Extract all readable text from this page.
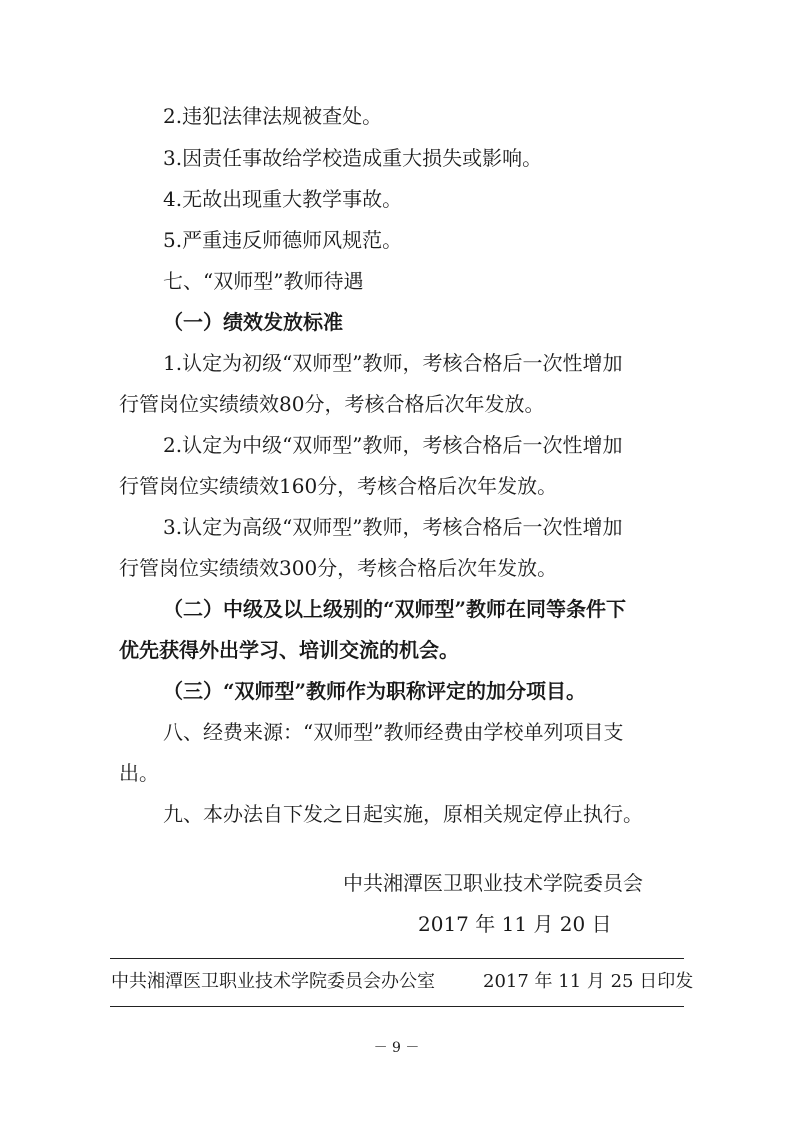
2.违犯法律法规被查处。
3.因责任事故给学校造成重大损失或影响。
4.无故出现重大教学事故。
5.严重违反师德师风规范。
七、“双师型”教师待遇
（一）绩效发放标准
1.认定为初级“双师型”教师，考核合格后一次性增加
行管岗位实绩绩效80分，考核合格后次年发放。
2.认定为中级“双师型”教师，考核合格后一次性增加
行管岗位实绩绩效160分，考核合格后次年发放。
3.认定为高级“双师型”教师，考核合格后一次性增加
行管岗位实绩绩效300分，考核合格后次年发放。
（二）中级及以上级别的“双师型”教师在同等条件下
优先获得外出学习、培训交流的机会。
（三）“双师型”教师作为职称评定的加分项目。
八、经费来源：“双师型”教师经费由学校单列项目支
出。
九、本办法自下发之日起实施，原相关规定停止执行。
中共湘潭医卫职业技术学院委员会
2017 年 11 月 20 日
中共湘潭医卫职业技术学院委员会办公室	2017 年 11 月 25 日印发
－ 9 －
